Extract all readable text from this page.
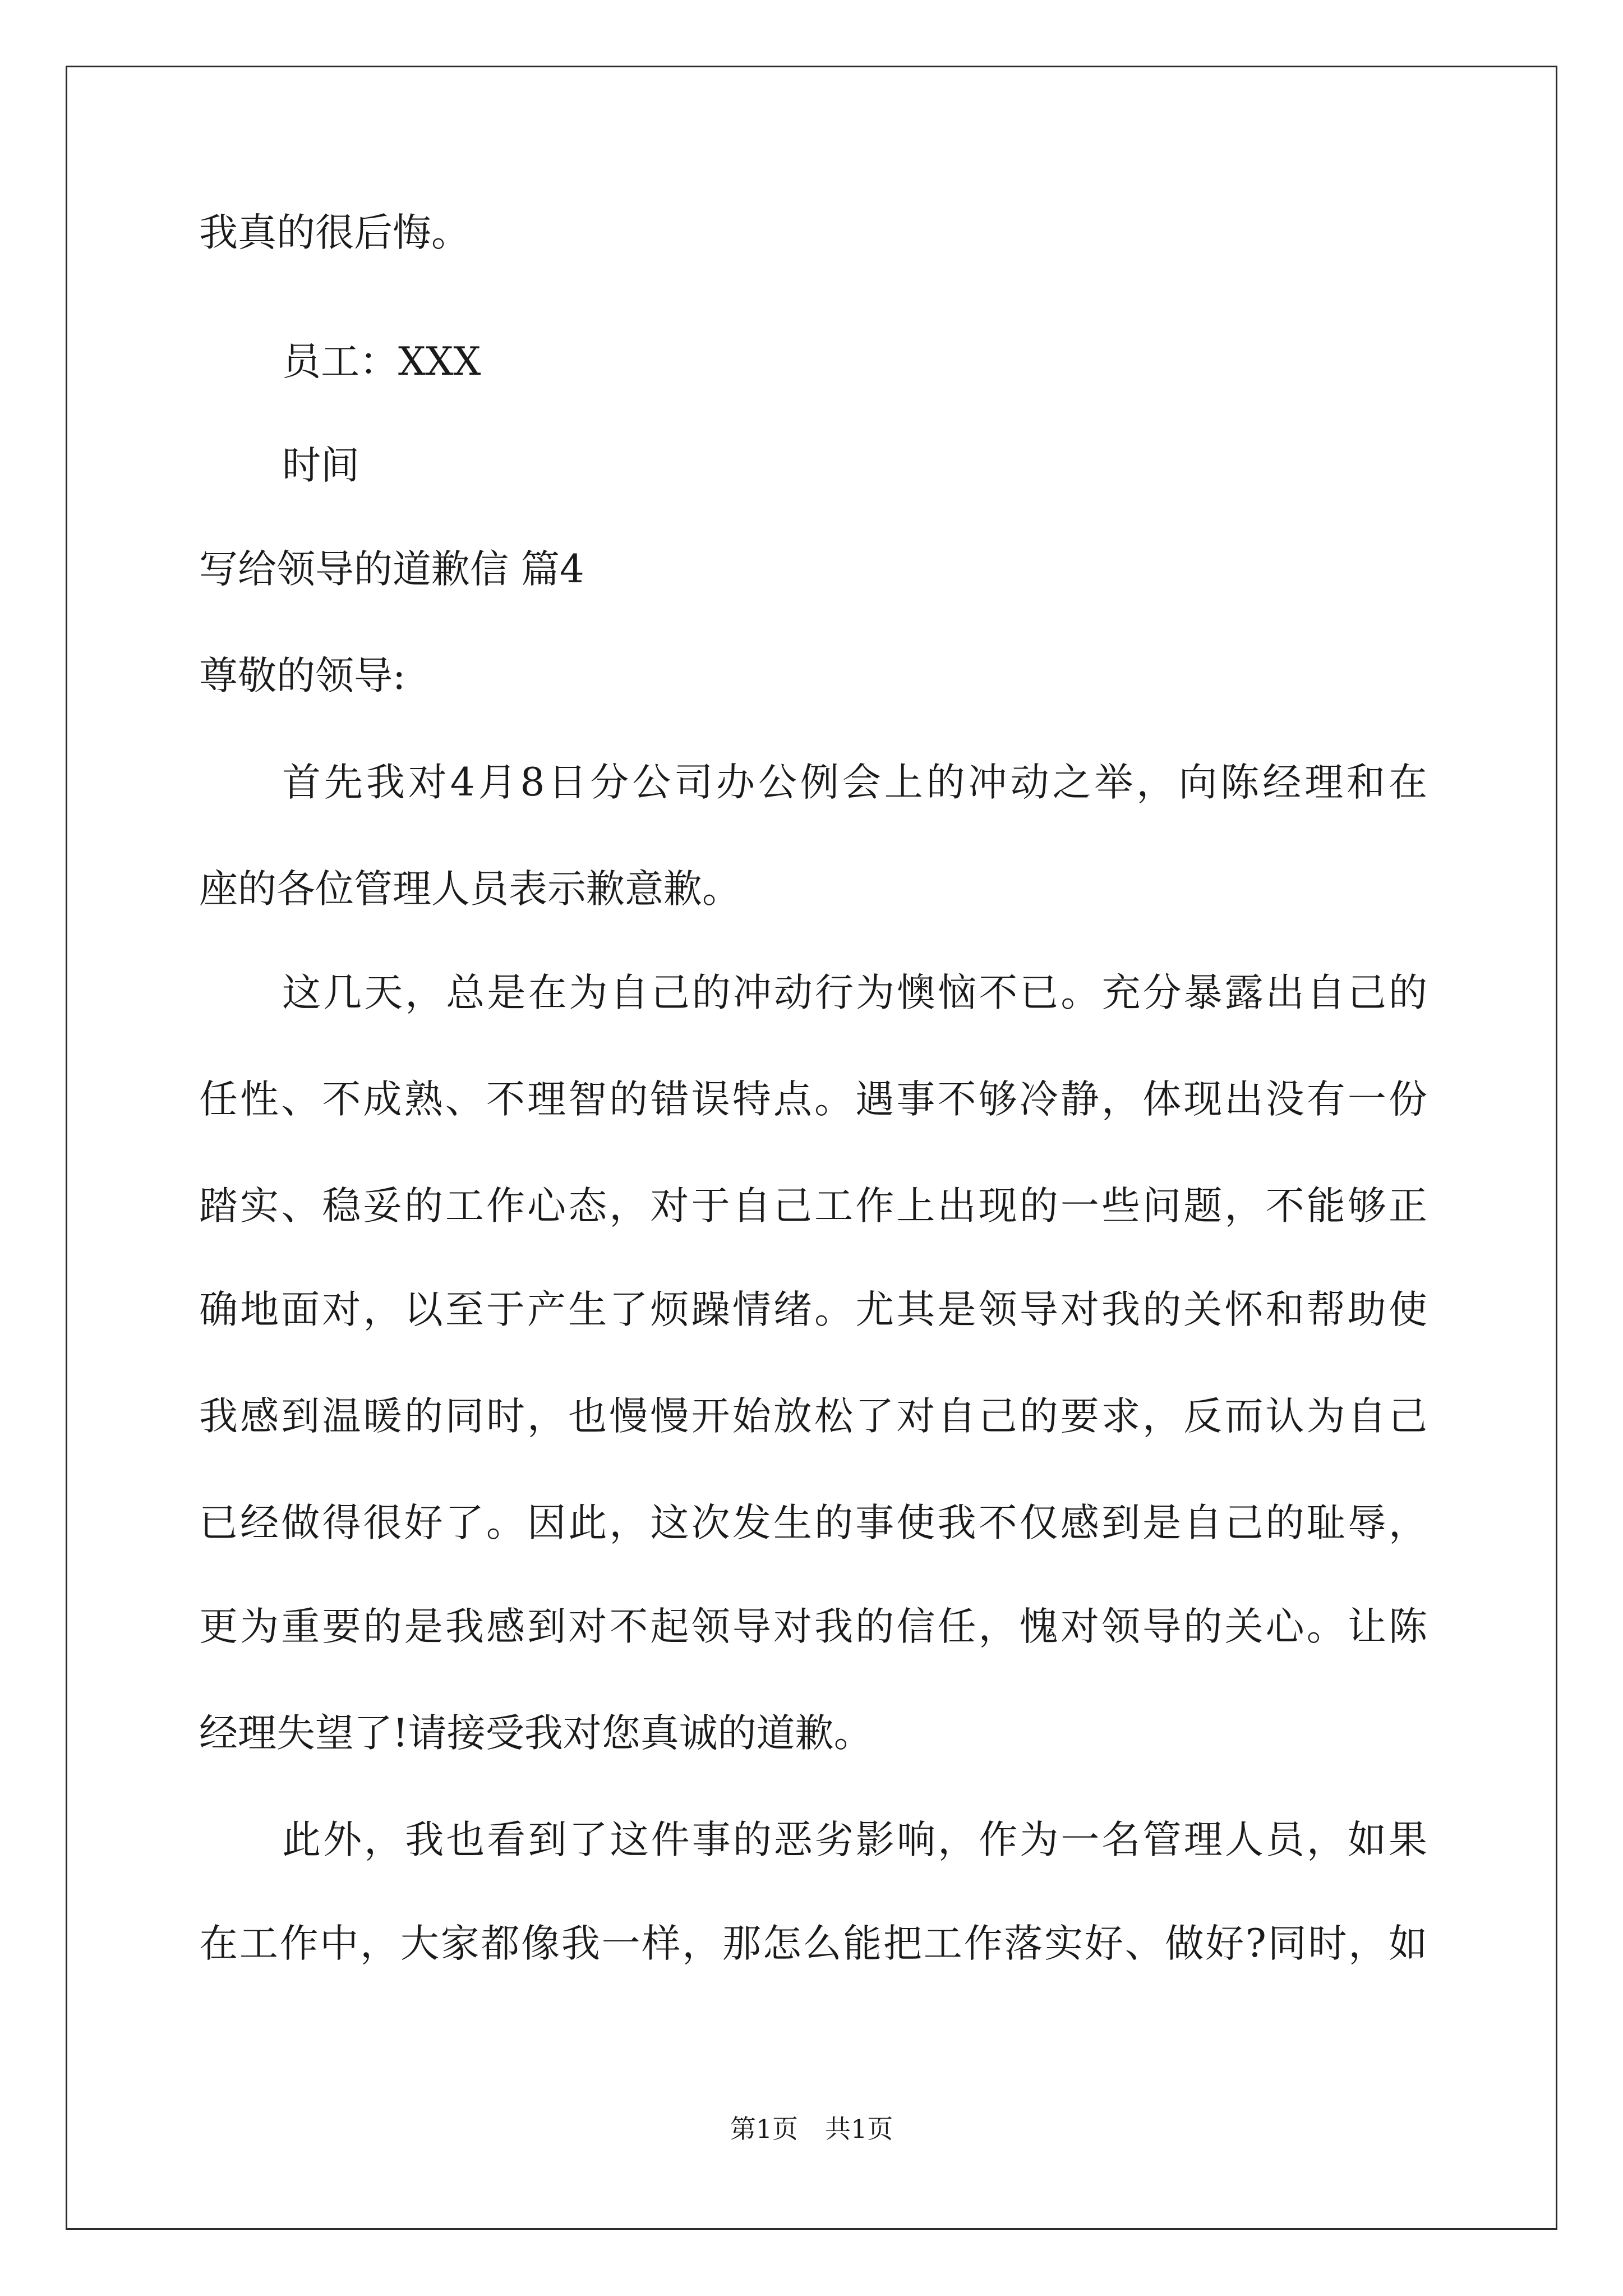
我真的很后悔。
员工：XXX
时间
写给领导的道歉信 篇4
尊敬的领导:
首先我对4月8日分公司办公例会上的冲动之举，向陈经理和在
座的各位管理人员表示歉意歉。
这几天，总是在为自己的冲动行为懊恼不已。充分暴露出自己的
任性、不成熟、不理智的错误特点。遇事不够冷静，体现出没有一份
踏实、稳妥的工作心态，对于自己工作上出现的一些问题，不能够正
确地面对，以至于产生了烦躁情绪。尤其是领导对我的关怀和帮助使
我感到温暖的同时，也慢慢开始放松了对自己的要求，反而认为自己
已经做得很好了。因此，这次发生的事使我不仅感到是自己的耻辱，
更为重要的是我感到对不起领导对我的信任，愧对领导的关心。让陈
经理失望了!请接受我对您真诚的道歉。
此外，我也看到了这件事的恶劣影响，作为一名管理人员，如果
在工作中，大家都像我一样，那怎么能把工作落实好、做好?同时，如
第1页 共1页
